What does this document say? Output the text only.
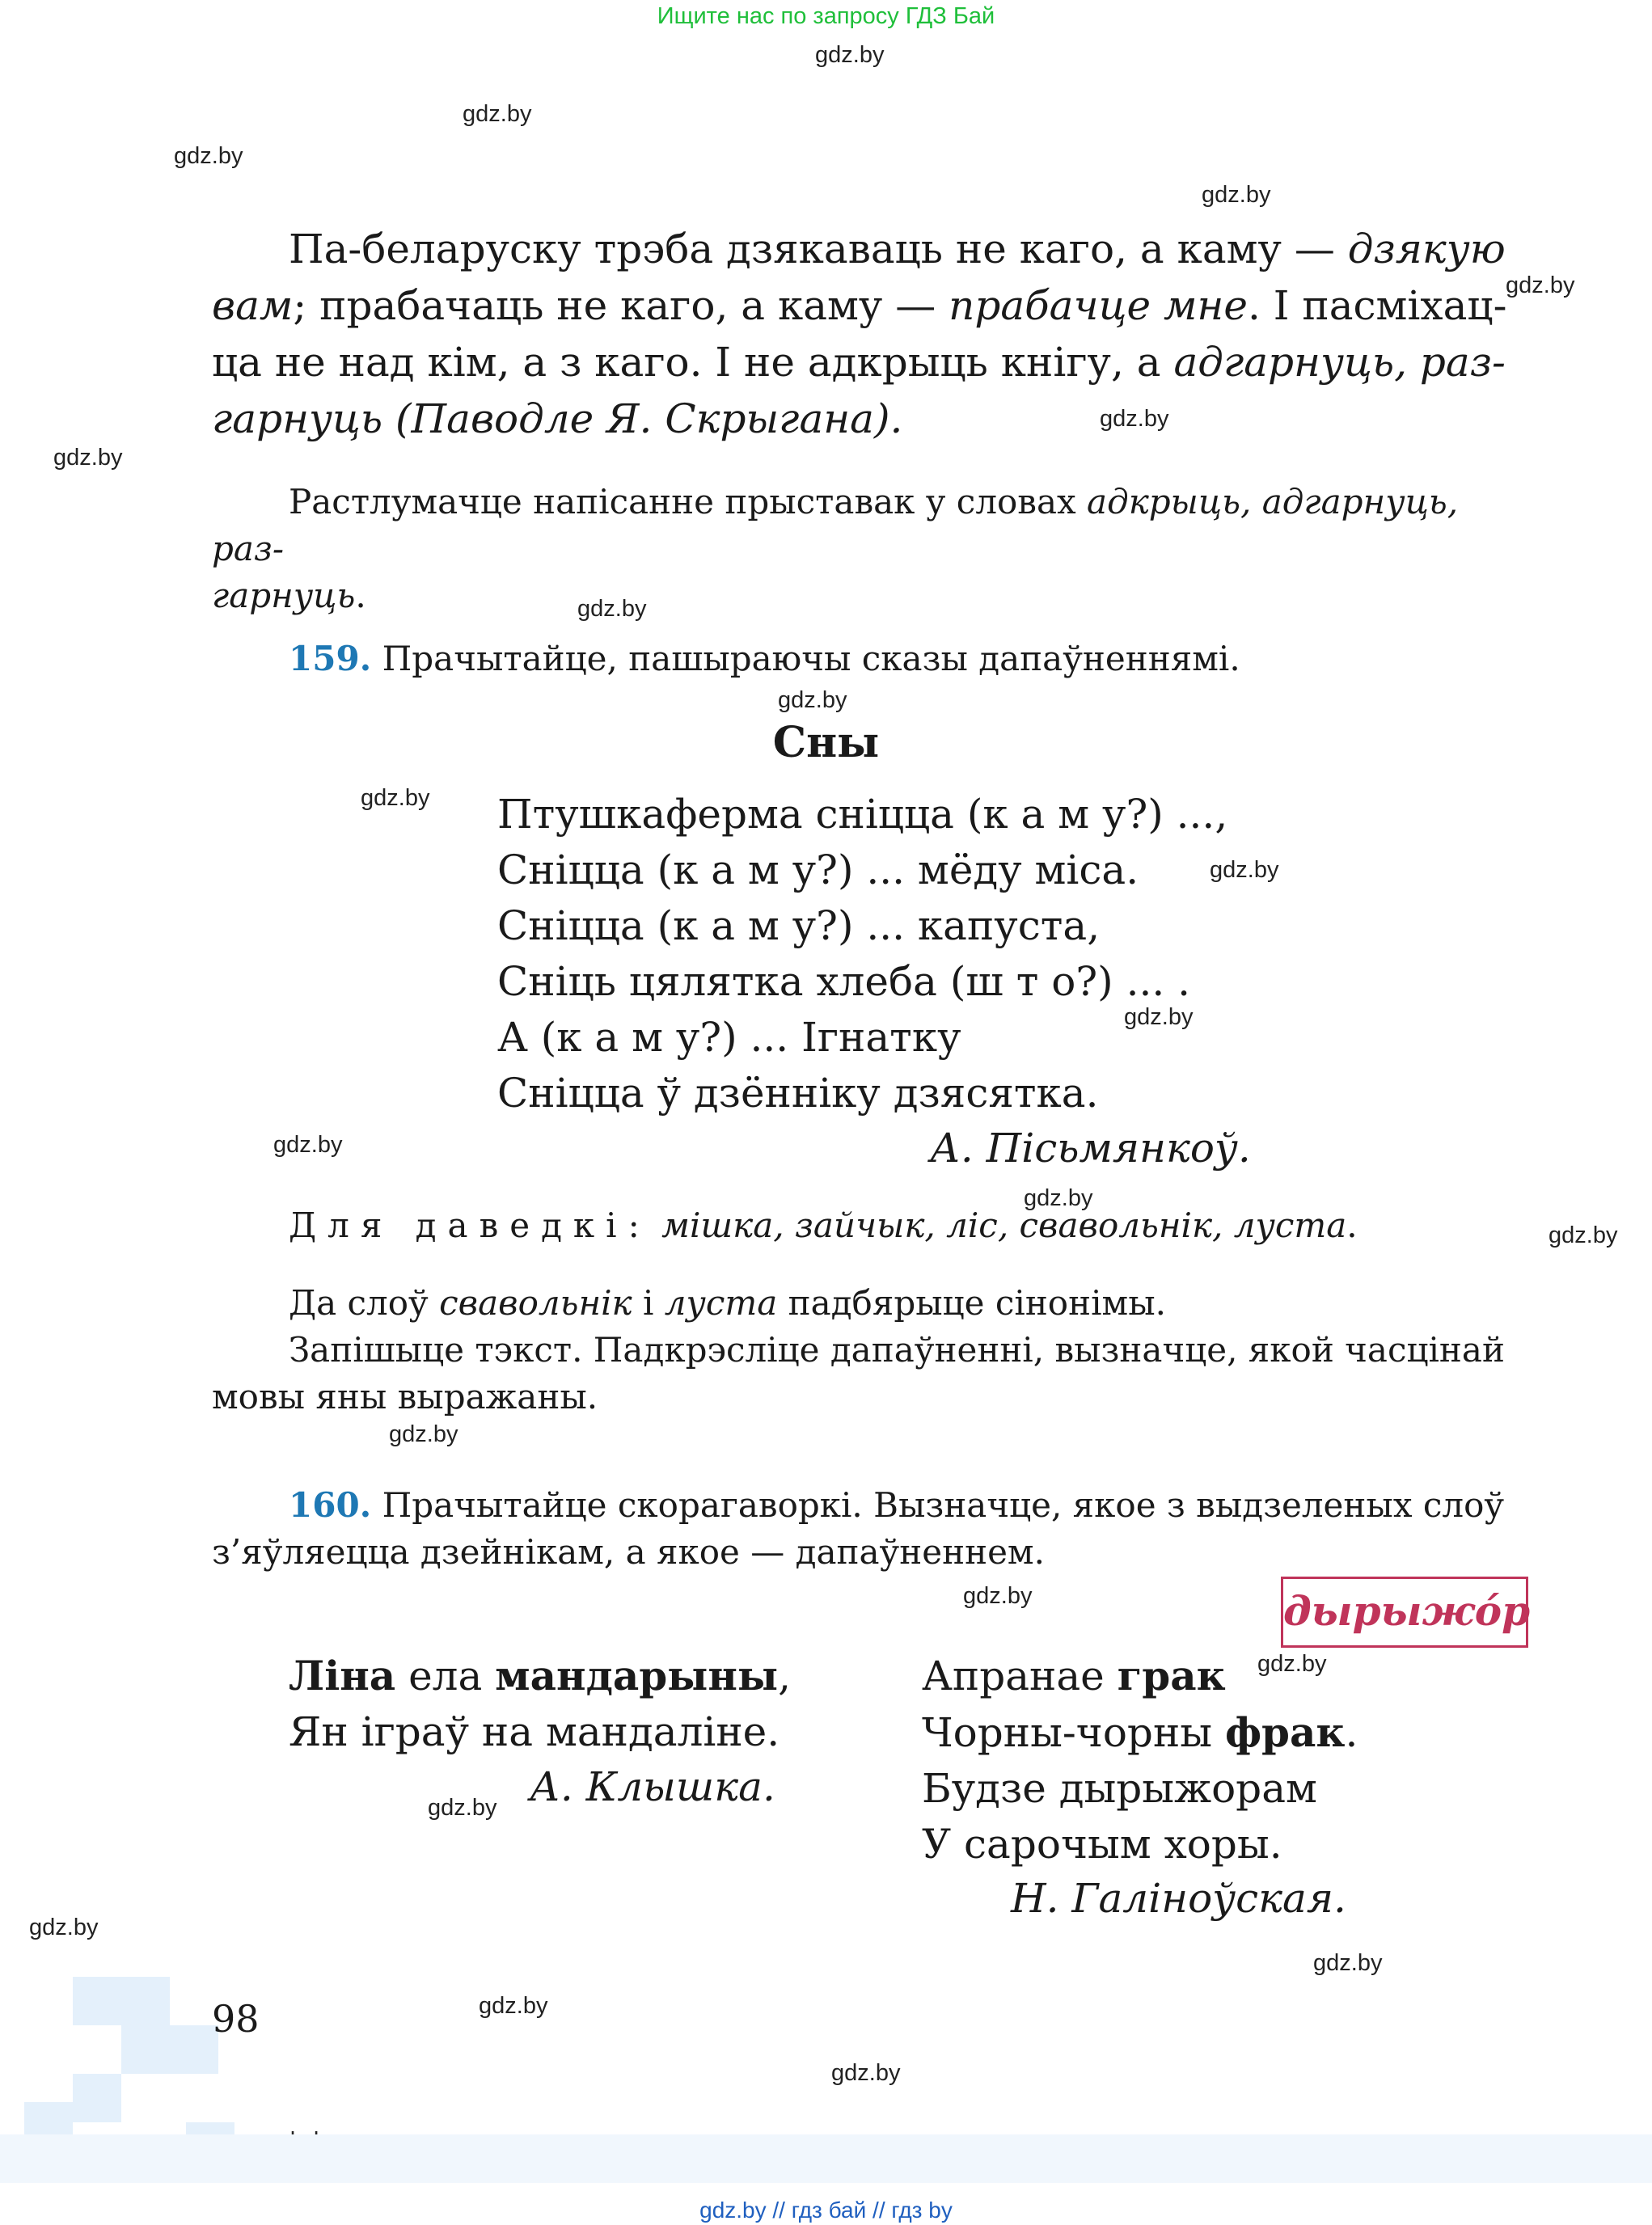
Ищите нас по запросу ГДЗ Бай
gdz.by
gdz.by
gdz.by
gdz.by
gdz.by
gdz.by
gdz.by
gdz.by
gdz.by
gdz.by
gdz.by
gdz.by
gdz.by
gdz.by
gdz.by
gdz.by
gdz.by
gdz.by
gdz.by
gdz.by
gdz.by
gdz.by
gdz.by
Па-беларуску трэба дзякаваць не каго, а каму — дзякую
вам; прабачаць не каго, а каму — прабачце мне. I пасміхац-
ца не над кім, а з каго. I не адкрыць кнігу, а адгарнуць, раз-
гарнуць (Паводле Я. Скрыгана).
Растлумачце напісанне прыставак у словах адкрыць, адгарнуць, раз-
гарнуць.
159. Прачытайце, пашыраючы сказы дапаўненнямі.
Сны
Птушкаферма сніцца (к а м у?) ...,
Сніцца (к а м у?) ... мёду міса.
Сніцца (к а м у?) ... капуста,
Сніць цялятка хлеба (ш т о?) ... .
А (к а м у?) ... Ігнатку
Сніцца ў дзённіку дзясятка.
А. Пісьмянкоў.
Для даведкі: мішка, зайчык, ліс, свавольнік, луста.
Да слоў свавольнік і луста падбярыце сінонімы.
Запішыце тэкст. Падкрэсліце дапаўненні, вызначце, якой часцінай
мовы яны выражаны.
160. Прачытайце скорагаворкі. Вызначце, якое з выдзеленых слоў
з’яўляецца дзейнікам, а якое — дапаўненнем.
дырыжóр
Ліна ела мандарыны,
Ян іграў на мандаліне.
А. Клышка.
Апранае грак
Чорны-чорны фрак.
Будзе дырыжорам
У сарочым хоры.
Н. Галіноўская.
98
gdz.by // гдз бай // гдз by
